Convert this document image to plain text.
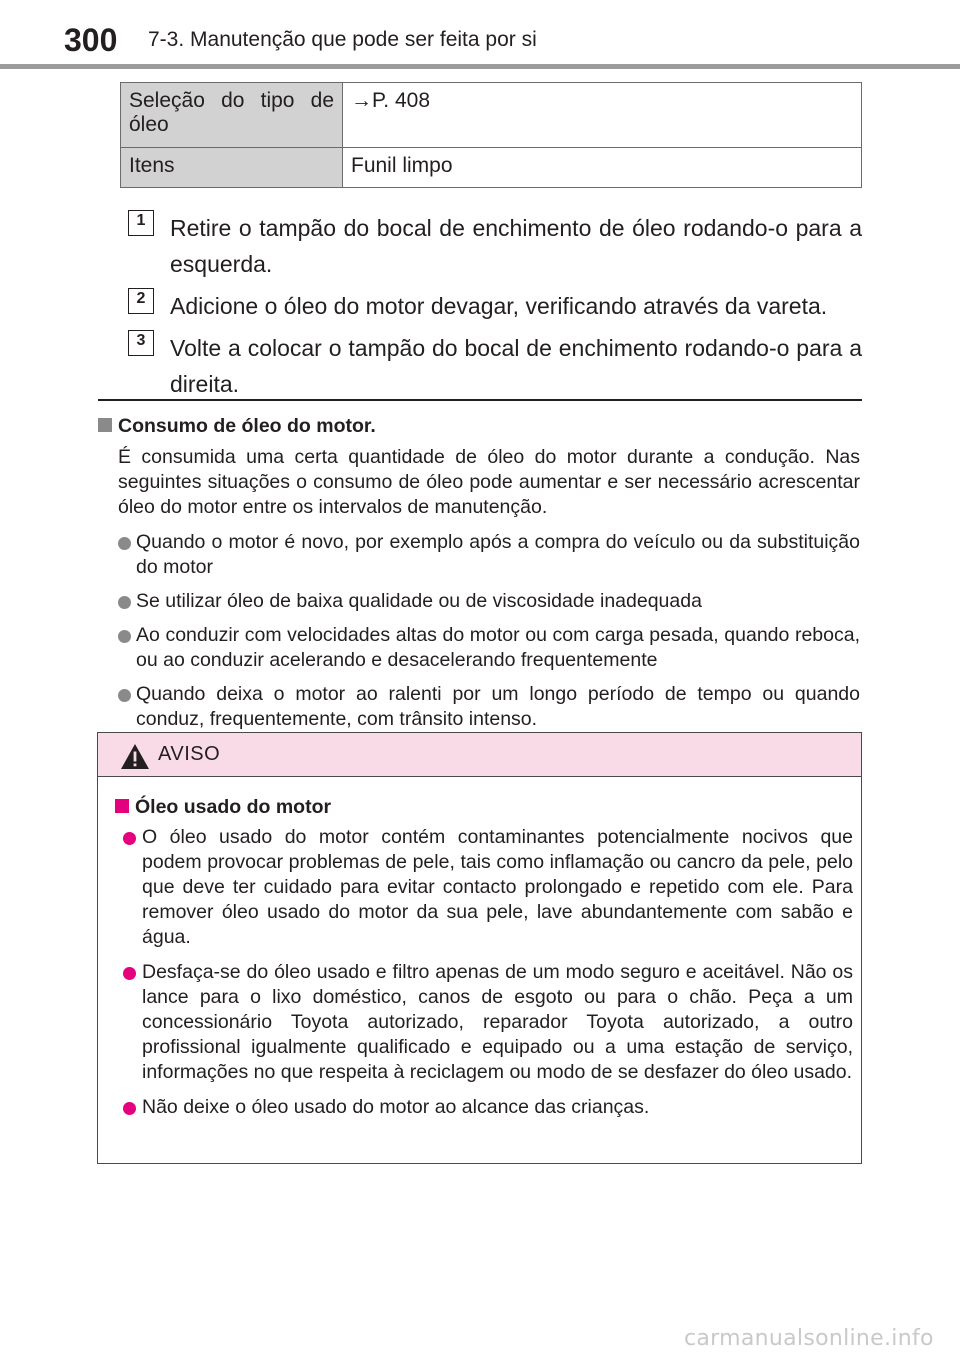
300 7-3. Manutenção que pode ser feita por si
Seleção do tipo de óleo	→P. 408
Itens	Funil limpo
1	Retire o tampão do bocal de enchimento de óleo rodando-o para a esquerda.
2	Adicione o óleo do motor devagar, verificando através da vareta.
3	Volte a colocar o tampão do bocal de enchimento rodando-o para a direita.
Consumo de óleo do motor.
É consumida uma certa quantidade de óleo do motor durante a condução. Nas seguintes situações o consumo de óleo pode aumentar e ser necessário acrescentar óleo do motor entre os intervalos de manutenção.
Quando o motor é novo, por exemplo após a compra do veículo ou da substituição do motor
Se utilizar óleo de baixa qualidade ou de viscosidade inadequada
Ao conduzir com velocidades altas do motor ou com carga pesada, quando reboca, ou ao conduzir acelerando e desacelerando frequentemente
Quando deixa o motor ao ralenti por um longo período de tempo ou quando conduz, frequentemente, com trânsito intenso.
AVISO
Óleo usado do motor
O óleo usado do motor contém contaminantes potencialmente nocivos que podem provocar problemas de pele, tais como inflamação ou cancro da pele, pelo que deve ter cuidado para evitar contacto prolongado e repetido com ele. Para remover óleo usado do motor da sua pele, lave abundantemente com sabão e água.
Desfaça-se do óleo usado e filtro apenas de um modo seguro e aceitável. Não os lance para o lixo doméstico, canos de esgoto ou para o chão. Peça a um concessionário Toyota autorizado, reparador Toyota autorizado, a outro profissional igualmente qualificado e equipado ou a uma estação de serviço, informações no que respeita à reciclagem ou modo de se desfazer do óleo usado.
Não deixe o óleo usado do motor ao alcance das crianças.
carmanualsonline.info
